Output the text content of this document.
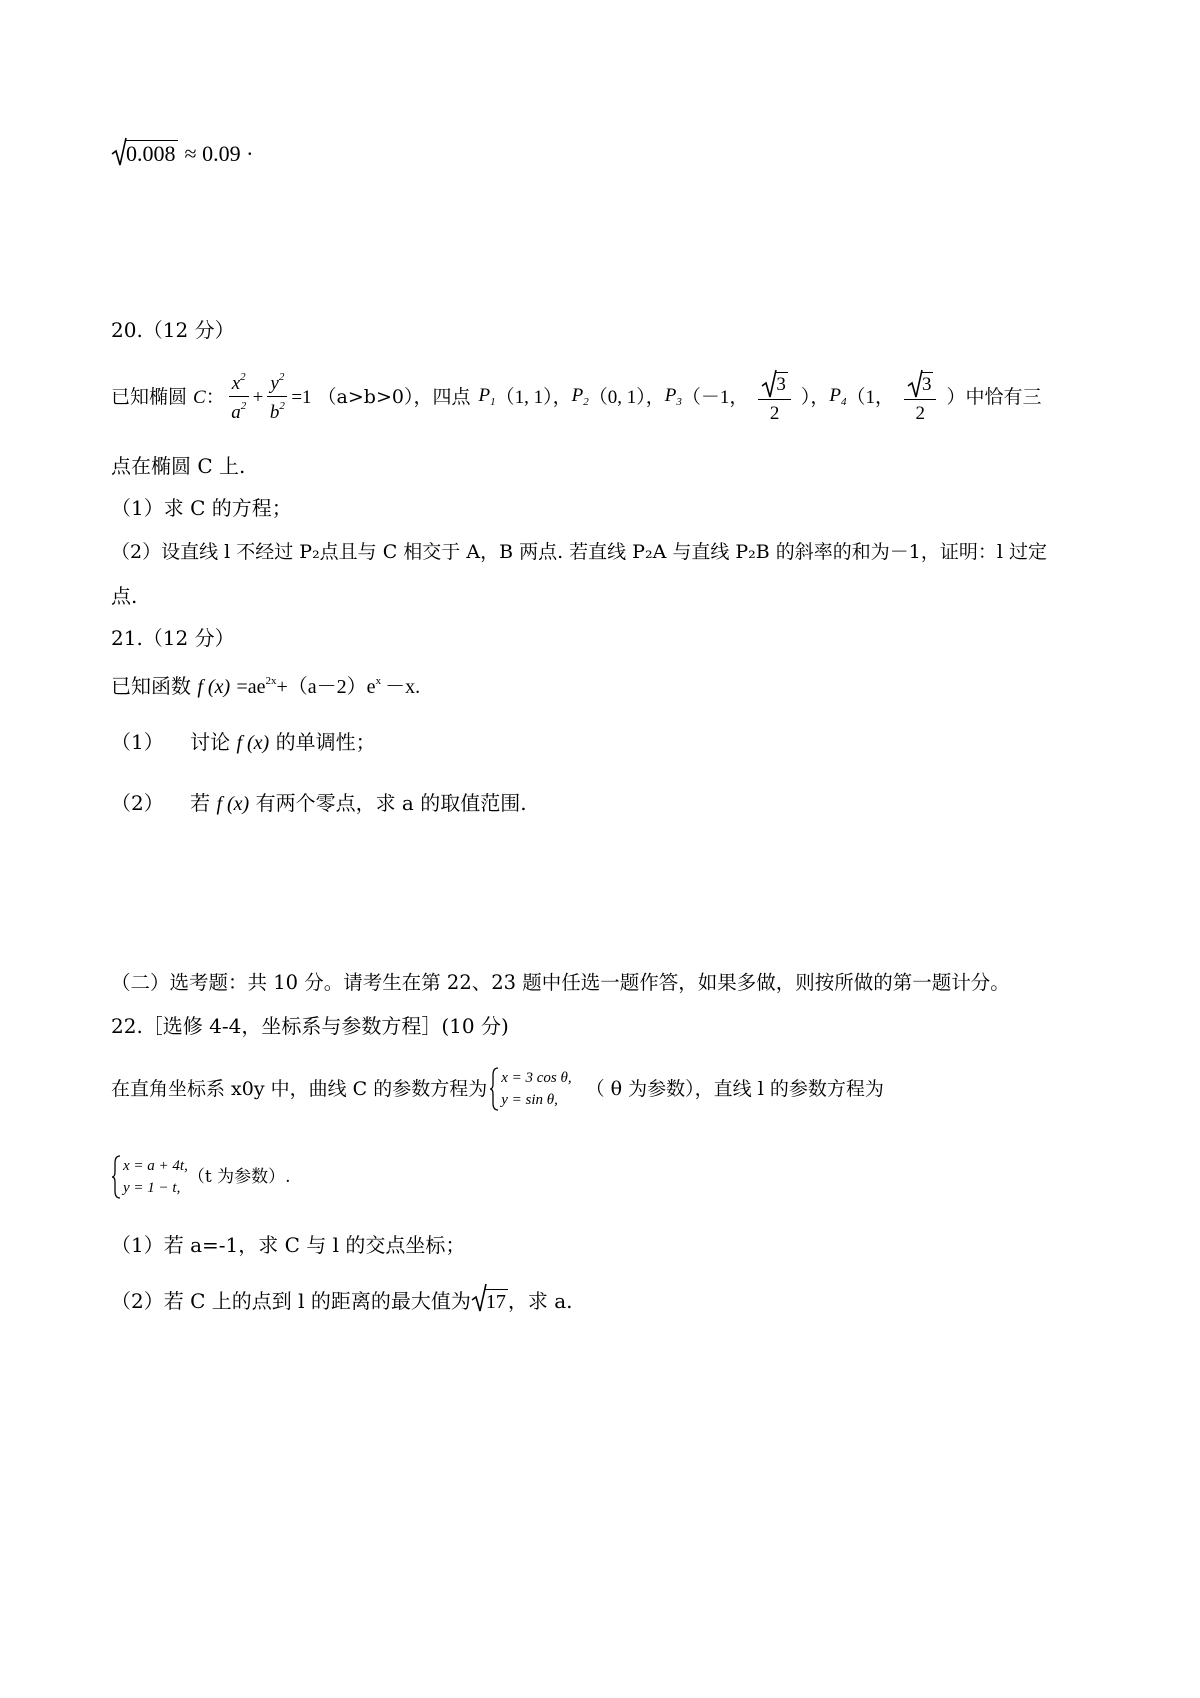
0.008 ≈ 0.09 ·
20.（12 分）
已知椭圆 C ： $\frac{x^2}{a^2} + \frac{y^2}{b^2} =1$ （a>b>0），四点 $P_1$ （1, 1）， $P_2$ （0, 1）， $P_3$ （－1， $\frac{3}{2}$ ）， $P_4$ （1， $\frac{3}{2}$ ）中恰有三
点在椭圆 C 上.
（1）求 C 的方程；
（2）设直线 l 不经过 P₂点且与 C 相交于 A，B 两点. 若直线 P₂A 与直线 P₂B 的斜率的和为－1，证明：l 过定
点.
21.（12 分）
已知函数 f $(x) =ae^{2x}+(a-2)e^x -x$.
（1） 讨论 f (x) 的单调性；
（2） 若 f (x) 有两个零点，求 a 的取值范围.
（二）选考题：共 10 分。请考生在第 22、23 题中任选一题作答，如果多做，则按所做的第一题计分。
22.［选修 4-4，坐标系与参数方程］(10 分)
在直角坐标系 x0y 中，曲线 C 的参数方程为 x = 3 cos θ,
y = sin θ,
（ θ 为参数），直线 l 的参数方程为
x = a + 4t,
y = 1 − t,
（t 为参数）.
（1）若 a=-1，求 C 与 l 的交点坐标；
（2）若 C 上的点到 l 的距离的最大值为 17 ，求 a.
